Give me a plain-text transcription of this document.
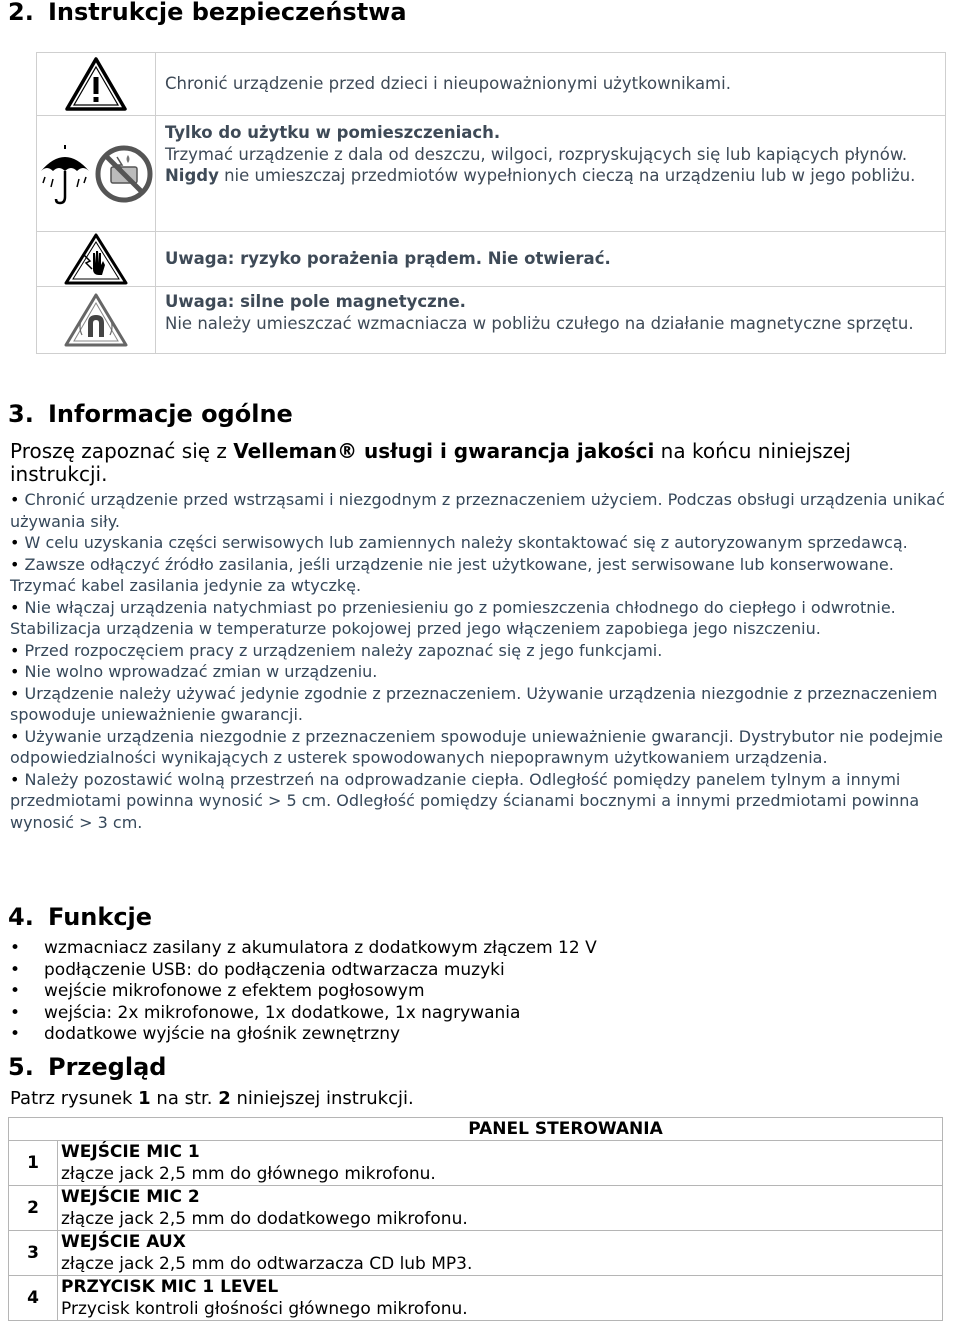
2. Instrukcje bezpieczeństwa
	Chronić urządzenie przed dzieci i nieupoważnionymi użytkownikami.

Tylko do użytku w pomieszczeniach.
Trzymać urządzenie z dala od deszczu, wilgoci, rozpryskujących się lub kapiących płynów.
Nigdy nie umieszczaj przedmiotów wypełnionych cieczą na urządzeniu lub w jego pobliżu.

	Uwaga: ryzyko porażenia prądem. Nie otwierać.

Uwaga: silne pole magnetyczne.
Nie należy umieszczać wzmacniacza w pobliżu czułego na działanie magnetyczne sprzętu.
3. Informacje ogólne
Proszę zapoznać się z Velleman® usługi i gwarancja jakości na końcu niniejszej instrukcji.
• Chronić urządzenie przed wstrząsami i niezgodnym z przeznaczeniem użyciem. Podczas obsługi urządzenia unikać używania siły.
• W celu uzyskania części serwisowych lub zamiennych należy skontaktować się z autoryzowanym sprzedawcą.
• Zawsze odłączyć źródło zasilania, jeśli urządzenie nie jest użytkowane, jest serwisowane lub konserwowane. Trzymać kabel zasilania jedynie za wtyczkę.
• Nie włączaj urządzenia natychmiast po przeniesieniu go z pomieszczenia chłodnego do ciepłego i odwrotnie. Stabilizacja urządzenia w temperaturze pokojowej przed jego włączeniem zapobiega jego niszczeniu.
• Przed rozpoczęciem pracy z urządzeniem należy zapoznać się z jego funkcjami.
• Nie wolno wprowadzać zmian w urządzeniu.
• Urządzenie należy używać jedynie zgodnie z przeznaczeniem. Używanie urządzenia niezgodnie z przeznaczeniem spowoduje unieważnienie gwarancji.
• Używanie urządzenia niezgodnie z przeznaczeniem spowoduje unieważnienie gwarancji. Dystrybutor nie podejmie odpowiedzialności wynikających z usterek spowodowanych niepoprawnym użytkowaniem urządzenia.
• Należy pozostawić wolną przestrzeń na odprowadzanie ciepła. Odległość pomiędzy panelem tylnym a innymi przedmiotami powinna wynosić > 5 cm. Odległość pomiędzy ścianami bocznymi a innymi przedmiotami powinna wynosić > 3 cm.
4. Funkcje
•	wzmacniacz zasilany z akumulatora z dodatkowym złączem 12 V
•	podłączenie USB: do podłączenia odtwarzacza muzyki
•	wejście mikrofonowe z efektem pogłosowym
•	wejścia: 2x mikrofonowe, 1x dodatkowe, 1x nagrywania
•	dodatkowe wyjście na głośnik zewnętrzny
5. Przegląd
Patrz rysunek 1 na str. 2 niniejszej instrukcji.
PANEL STEROWANIA	
1	WEJŚCIE MIC 1
złącze jack 2,5 mm do głównego mikrofonu.

2	WEJŚCIE MIC 2
złącze jack 2,5 mm do dodatkowego mikrofonu.

3	WEJŚCIE AUX
złącze jack 2,5 mm do odtwarzacza CD lub MP3.

4	PRZYCISK MIC 1 LEVEL
Przycisk kontroli głośności głównego mikrofonu.
